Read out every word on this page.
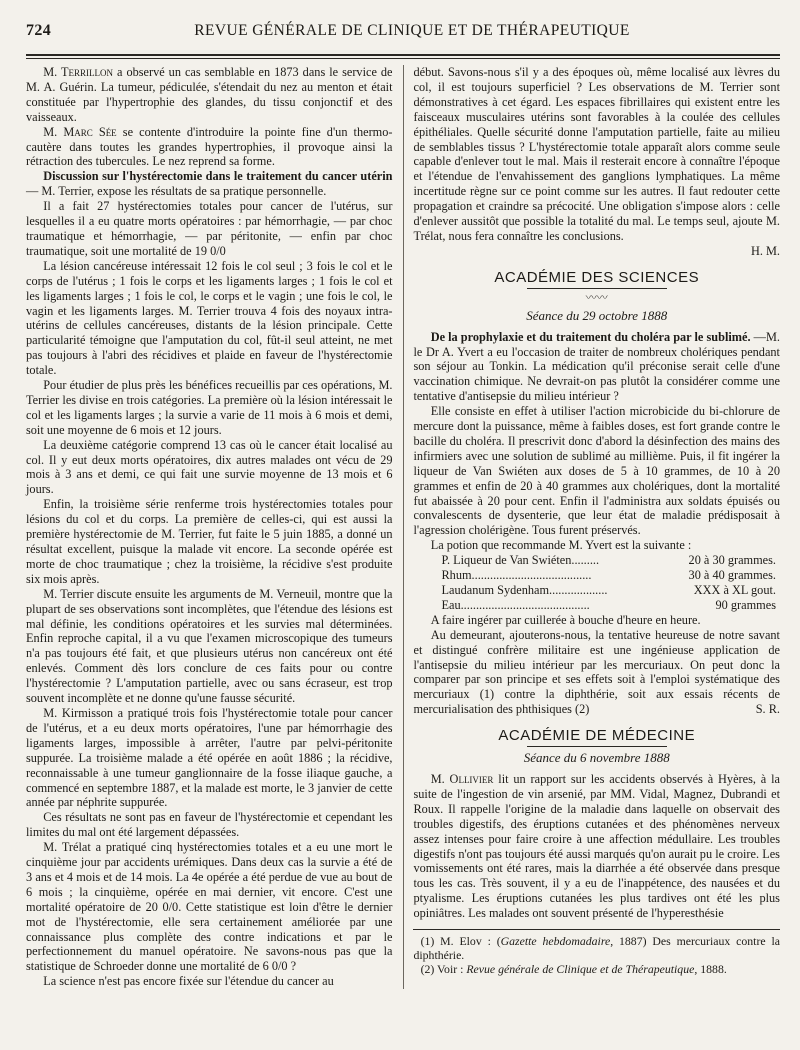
724	REVUE GÉNÉRALE DE CLINIQUE ET DE THÉRAPEUTIQUE

M. Terrillon a observé un cas semblable en 1873 dans le service de M. A. Guérin. La tumeur, pédiculée, s'étendait du nez au menton et était constituée par l'hypertrophie des glandes, du tissu conjonctif et des vaisseaux.

M. Marc Sée se contente d'introduire la pointe fine d'un thermo-cautère dans toutes les grandes hypertrophies, il provoque ainsi la rétraction des tubercules. Le nez reprend sa forme.

Discussion sur l'hystérectomie dans le traitement du cancer utérin — M. Terrier, expose les résultats de sa pratique personnelle.

Il a fait 27 hystérectomies totales pour cancer de l'utérus, sur lesquelles il a eu quatre morts opératoires : par hémorrhagie, — par choc traumatique et hémorrhagie, — par péritonite, — enfin par choc traumatique, soit une mortalité de 19 0/0

La lésion cancéreuse intéressait 12 fois le col seul ; 3 fois le col et le corps de l'utérus ; 1 fois le corps et les ligaments larges ; 1 fois le col et les ligaments larges ; 1 fois le col, le corps et le vagin ; une fois le col, le vagin et les ligaments larges. M. Terrier trouva 4 fois des noyaux intra-utérins de cellules cancéreuses, distants de la lésion principale. Cette particularité témoigne que l'amputation du col, fût-il seul atteint, ne met pas toujours à l'abri des récidives et plaide en faveur de l'hystérectomie totale.

Pour étudier de plus près les bénéfices recueillis par ces opérations, M. Terrier les divise en trois catégories. La première où la lésion intéressait le col et les ligaments larges ; la survie a varie de 11 mois à 6 mois et demi, soit une moyenne de 6 mois et 12 jours.

La deuxième catégorie comprend 13 cas où le cancer était localisé au col. Il y eut deux morts opératoires, dix autres malades ont vécu de 29 mois à 3 ans et demi, ce qui fait une survie moyenne de 13 mois et 6 jours.

Enfin, la troisième série renferme trois hystérectomies totales pour lésions du col et du corps. La première de celles-ci, qui est aussi la première hystérectomie de M. Terrier, fut faite le 5 juin 1885, a donné un résultat excellent, puisque la malade vit encore. La seconde opérée est morte de choc traumatique ; chez la troisième, la récidive s'est produite six mois après.

M. Terrier discute ensuite les arguments de M. Verneuil, montre que la plupart de ses observations sont incomplètes, que l'étendue des lésions est mal définie, les conditions opératoires et les survies mal déterminées. Enfin reproche capital, il a vu que l'examen microscopique des tumeurs n'a pas toujours été fait, et que plusieurs utérus non cancéreux ont été enlevés. Comment dès lors conclure de ces faits pour ou contre l'hystérectomie ? L'amputation partielle, avec ou sans écraseur, est trop souvent incomplète et ne donne qu'une fausse sécurité.

M. Kirmisson a pratiqué trois fois l'hystérectomie totale pour cancer de l'utérus, et a eu deux morts opératoires, l'une par hémorrhagie des ligaments larges, impossible à arrêter, l'autre par pelvi-péritonite suppurée. La troisième malade a été opérée en août 1886 ; la récidive, reconnaissable à une tumeur ganglionnaire de la fosse iliaque gauche, a commencé en septembre 1887, et la malade est morte, le 3 janvier de cette année par néphrite suppurée.

Ces résultats ne sont pas en faveur de l'hystérectomie et cependant les limites du mal ont été largement dépassées.

M. Trélat a pratiqué cinq hystérectomies totales et a eu une mort le cinquième jour par accidents urémiques. Dans deux cas la survie a été de 3 ans et 4 mois et de 14 mois. La 4e opérée a été perdue de vue au bout de 6 mois ; la cinquième, opérée en mai dernier, vit encore. C'est une mortalité opératoire de 20 0/0. Cette statistique est loin d'être le dernier mot de l'hystérectomie, elle sera certainement améliorée par une connaissance plus complète des contre indications et par le perfectionnement du manuel opératoire. Ne savons-nous pas que la statistique de Schroeder donne une mortalité de 6 0/0 ?

La science n'est pas encore fixée sur l'étendue du cancer au

début. Savons-nous s'il y a des époques où, même localisé aux lèvres du col, il est toujours superficiel ? Les observations de M. Terrier sont démonstratives à cet égard. Les espaces fibrillaires qui existent entre les faisceaux musculaires utérins sont favorables à la coulée des cellules épithéliales. Quelle sécurité donne l'amputation partielle, faite au milieu de semblables tissus ? L'hystérectomie totale apparaît alors comme seule capable d'enlever tout le mal. Mais il resterait encore à connaître l'époque et l'étendue de l'envahissement des ganglions lymphatiques. La même incertitude règne sur ce point comme sur les autres. Il faut redouter cette propagation et craindre sa précocité. Une obligation s'impose alors : celle d'enlever aussitôt que possible la totalité du mal. Le temps seul, ajoute M. Trélat, nous fera connaître les conclusions.

H. M.

ACADÉMIE DES SCIENCES
〰〰
Séance du 29 octobre 1888

De la prophylaxie et du traitement du choléra par le sublimé. —M. le Dr A. Yvert a eu l'occasion de traiter de nombreux cholériques pendant son séjour au Tonkin. La médication qu'il préconise serait celle d'une vaccination chimique. Ne devrait-on pas plutôt la considérer comme une tentative d'antisepsie du milieu intérieur ?

Elle consiste en effet à utiliser l'action microbicide du bi-chlorure de mercure dont la puissance, même à faibles doses, est fort grande contre le bacille du choléra. Il prescrivit donc d'abord la désinfection des mains des infirmiers avec une solution de sublimé au millième. Puis, il fit ingérer la liqueur de Van Swiéten aux doses de 5 à 10 grammes, de 10 à 20 grammes et enfin de 20 à 40 grammes aux cholériques, dont la mortalité fut abaissée à 20 pour cent. Enfin il l'administra aux soldats épuisés ou convalescents de dysenterie, que leur état de maladie prédisposait à l'agression cholérigène. Tous furent préservés.

La potion que recommande M. Yvert est la suivante :

P. Liqueur de Van Swiéten.........	20 à 30 grammes.
Rhum.......................................	30 à 40 grammes.
Laudanum Sydenham...................	XXX à XL gout.
Eau..........................................	90 grammes

A faire ingérer par cuillerée à bouche d'heure en heure.

Au demeurant, ajouterons-nous, la tentative heureuse de notre savant et distingué confrère militaire est une ingénieuse application de l'antisepsie du milieu intérieur par les mercuriaux. On peut donc la comparer par son principe et ses effets soit à l'emploi systématique des mercuriaux (1) contre la diphthérie, soit aux essais récents de mercurialisation des phthisiques (2)	S. R.

ACADÉMIE DE MÉDECINE
Séance du 6 novembre 1888

M. Ollivier lit un rapport sur les accidents observés à Hyères, à la suite de l'ingestion de vin arsenié, par MM. Vidal, Magnez, Dubrandi et Roux. Il rappelle l'origine de la maladie dans laquelle on observait des troubles digestifs, des éruptions cutanées et des phénomènes nerveux assez intenses pour faire croire à une affection médullaire. Les troubles digestifs n'ont pas toujours été aussi marqués qu'on aurait pu le croire. Les vomissements ont été rares, mais la diarrhée a été observée dans presque tous les cas. Très souvent, il y a eu de l'inappétence, des nausées et du ptyalisme. Les éruptions cutanées les plus tardives ont été les plus opiniâtres. Les malades ont souvent présenté de l'hyperesthésie

(1) M. Elov : (Gazette hebdomadaire, 1887) Des mercuriaux contre la diphthérie.

(2) Voir : Revue générale de Clinique et de Thérapeutique, 1888.
